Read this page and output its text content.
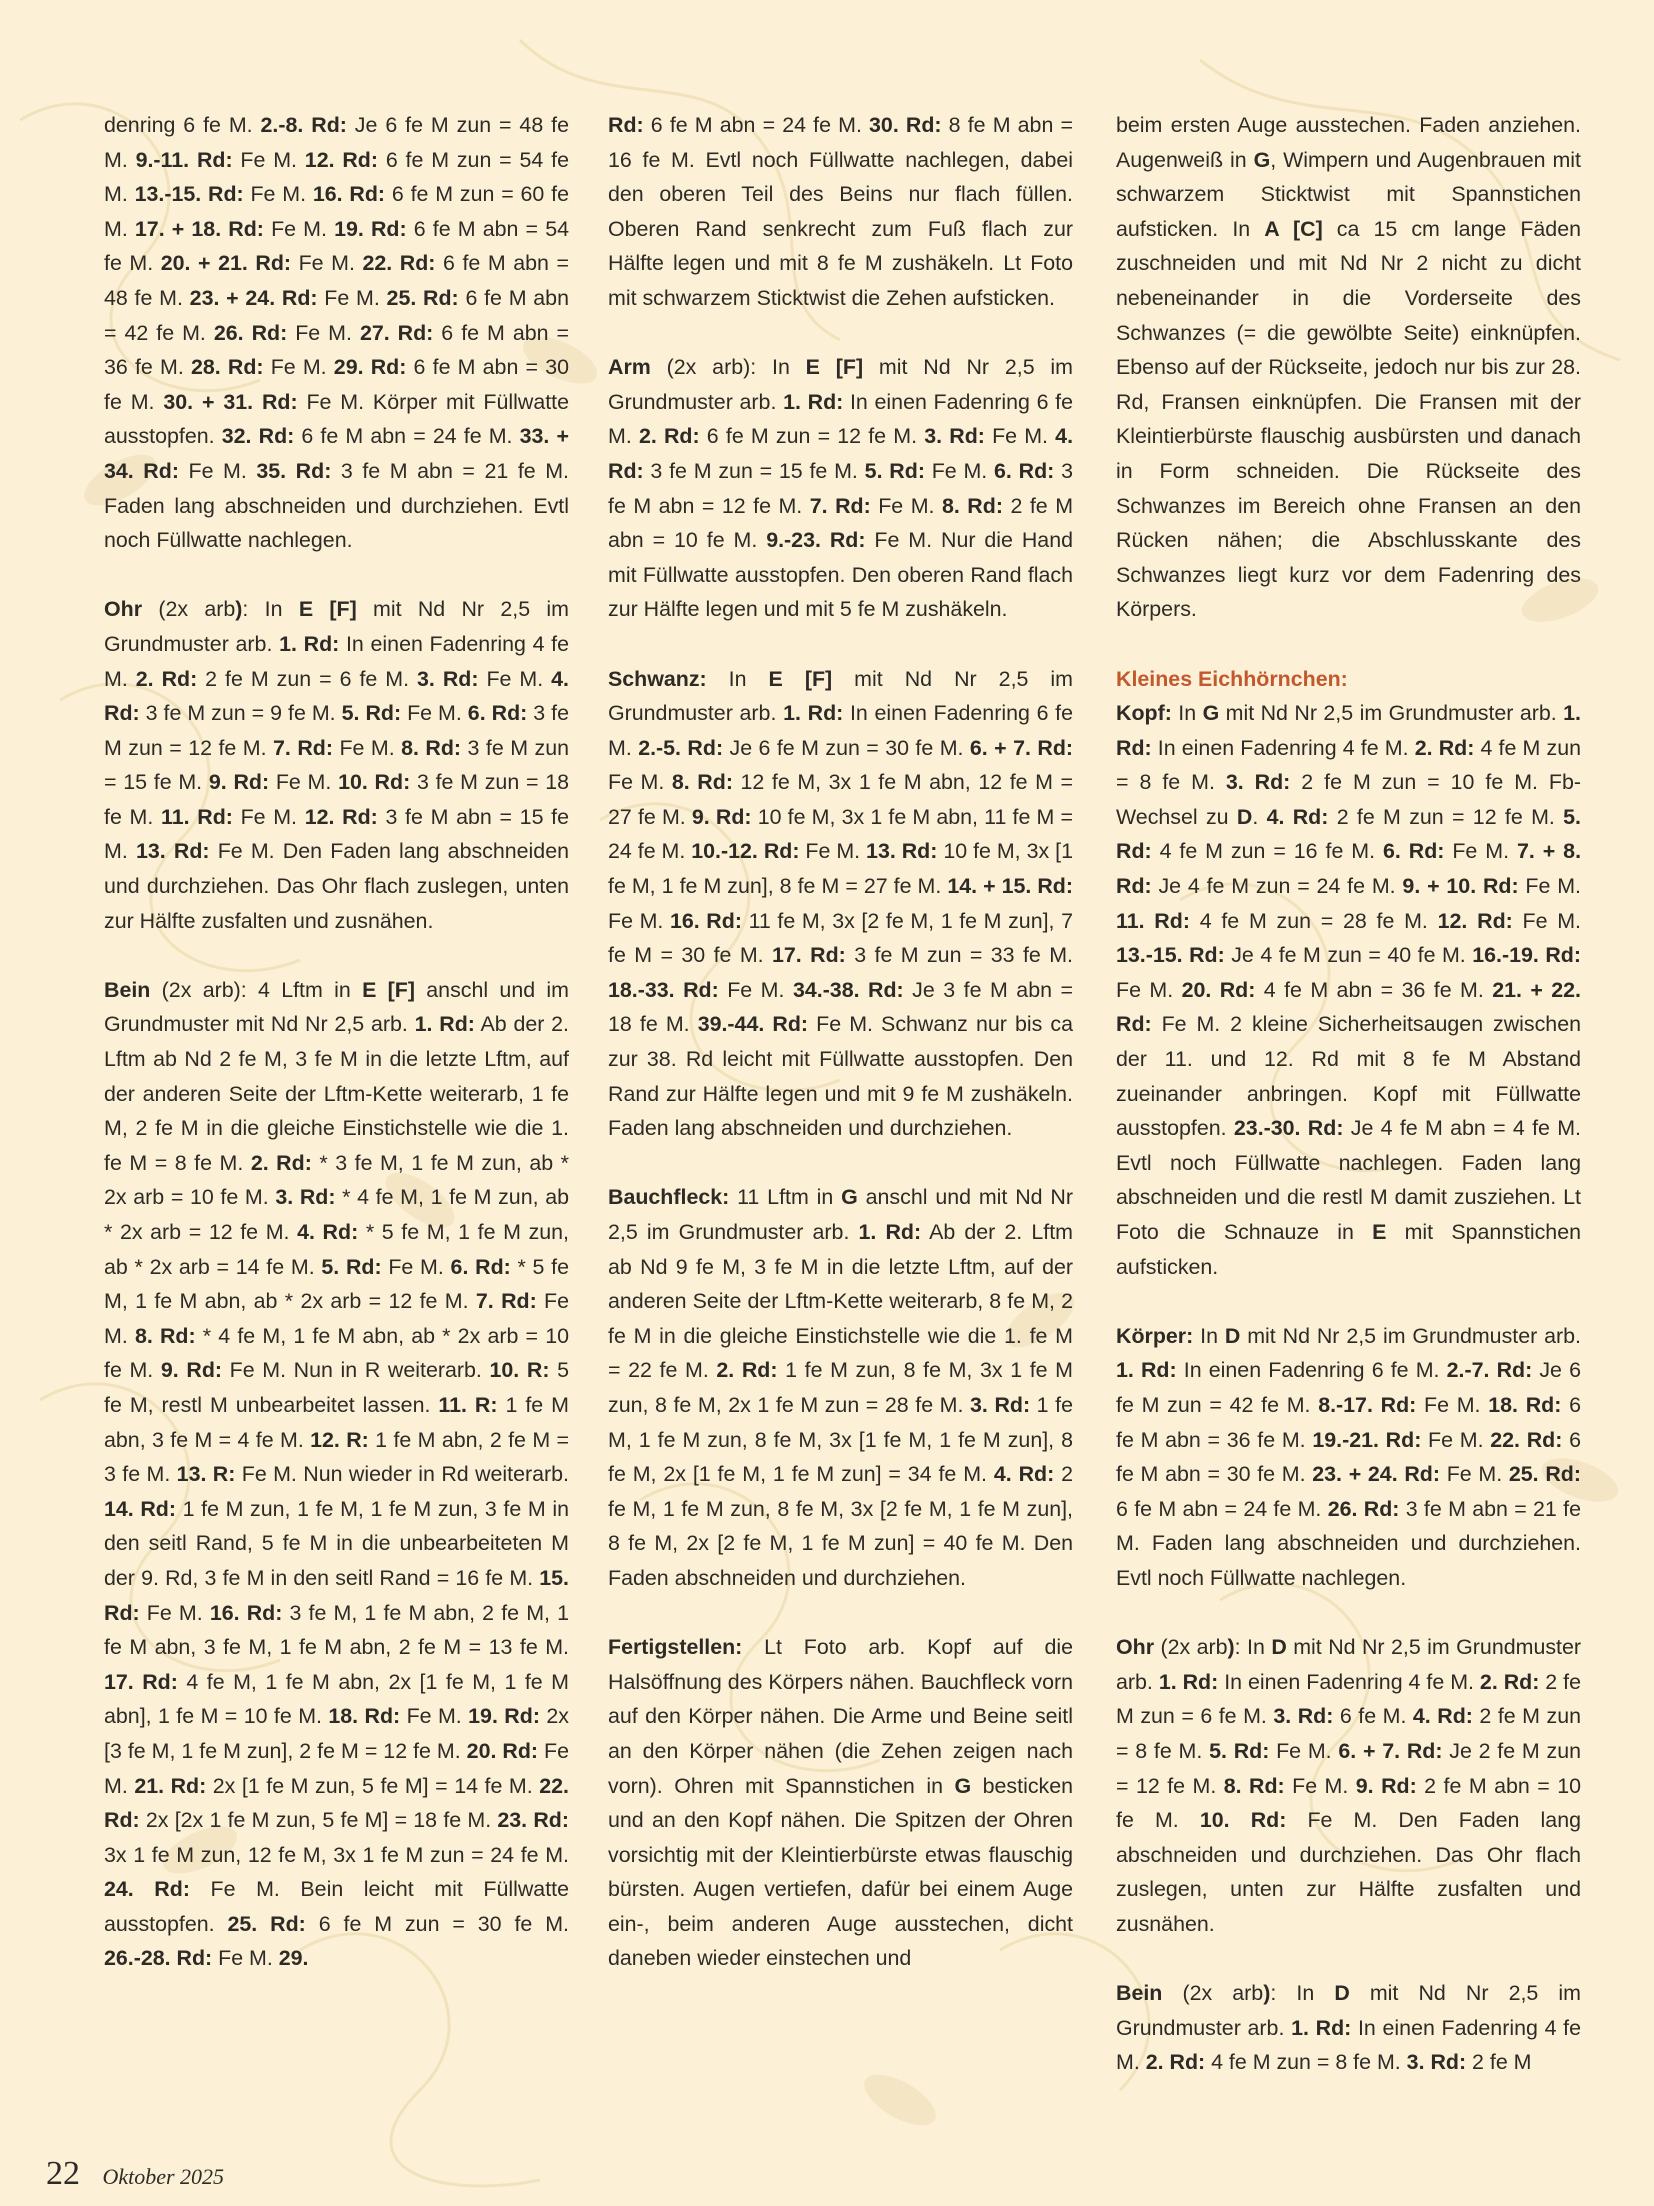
denring 6 fe M. 2.-8. Rd: Je 6 fe M zun = 48 fe M. 9.-11. Rd: Fe M. 12. Rd: 6 fe M zun = 54 fe M. 13.-15. Rd: Fe M. 16. Rd: 6 fe M zun = 60 fe M. 17. + 18. Rd: Fe M. 19. Rd: 6 fe M abn = 54 fe M. 20. + 21. Rd: Fe M. 22. Rd: 6 fe M abn = 48 fe M. 23. + 24. Rd: Fe M. 25. Rd: 6 fe M abn = 42 fe M. 26. Rd: Fe M. 27. Rd: 6 fe M abn = 36 fe M. 28. Rd: Fe M. 29. Rd: 6 fe M abn = 30 fe M. 30. + 31. Rd: Fe M. Körper mit Füllwatte ausstopfen. 32. Rd: 6 fe M abn = 24 fe M. 33. + 34. Rd: Fe M. 35. Rd: 3 fe M abn = 21 fe M. Faden lang abschneiden und durchziehen. Evtl noch Füllwatte nachlegen.

Ohr (2x arb): In E [F] mit Nd Nr 2,5 im Grundmuster arb. 1. Rd: In einen Fadenring 4 fe M. 2. Rd: 2 fe M zun = 6 fe M. 3. Rd: Fe M. 4. Rd: 3 fe M zun = 9 fe M. 5. Rd: Fe M. 6. Rd: 3 fe M zun = 12 fe M. 7. Rd: Fe M. 8. Rd: 3 fe M zun = 15 fe M. 9. Rd: Fe M. 10. Rd: 3 fe M zun = 18 fe M. 11. Rd: Fe M. 12. Rd: 3 fe M abn = 15 fe M. 13. Rd: Fe M. Den Faden lang abschneiden und durchziehen. Das Ohr flach zuslegen, unten zur Hälfte zusfalten und zusnähen.

Bein (2x arb): 4 Lftm in E [F] anschl und im Grundmuster mit Nd Nr 2,5 arb. 1. Rd: Ab der 2. Lftm ab Nd 2 fe M, 3 fe M in die letzte Lftm, auf der anderen Seite der Lftm-Kette weiterarb, 1 fe M, 2 fe M in die gleiche Einstichstelle wie die 1. fe M = 8 fe M. 2. Rd: * 3 fe M, 1 fe M zun, ab * 2x arb = 10 fe M. 3. Rd: * 4 fe M, 1 fe M zun, ab * 2x arb = 12 fe M. 4. Rd: * 5 fe M, 1 fe M zun, ab * 2x arb = 14 fe M. 5. Rd: Fe M. 6. Rd: * 5 fe M, 1 fe M abn, ab * 2x arb = 12 fe M. 7. Rd: Fe M. 8. Rd: * 4 fe M, 1 fe M abn, ab * 2x arb = 10 fe M. 9. Rd: Fe M. Nun in R weiterarb. 10. R: 5 fe M, restl M unbearbeitet lassen. 11. R: 1 fe M abn, 3 fe M = 4 fe M. 12. R: 1 fe M abn, 2 fe M = 3 fe M. 13. R: Fe M. Nun wieder in Rd weiterarb. 14. Rd: 1 fe M zun, 1 fe M, 1 fe M zun, 3 fe M in den seitl Rand, 5 fe M in die unbearbeiteten M der 9. Rd, 3 fe M in den seitl Rand = 16 fe M. 15. Rd: Fe M. 16. Rd: 3 fe M, 1 fe M abn, 2 fe M, 1 fe M abn, 3 fe M, 1 fe M abn, 2 fe M = 13 fe M. 17. Rd: 4 fe M, 1 fe M abn, 2x [1 fe M, 1 fe M abn], 1 fe M = 10 fe M. 18. Rd: Fe M. 19. Rd: 2x [3 fe M, 1 fe M zun], 2 fe M = 12 fe M. 20. Rd: Fe M. 21. Rd: 2x [1 fe M zun, 5 fe M] = 14 fe M. 22. Rd: 2x [2x 1 fe M zun, 5 fe M] = 18 fe M. 23. Rd: 3x 1 fe M zun, 12 fe M, 3x 1 fe M zun = 24 fe M. 24. Rd: Fe M. Bein leicht mit Füllwatte ausstopfen. 25. Rd: 6 fe M zun = 30 fe M. 26.-28. Rd: Fe M. 29.

Rd: 6 fe M abn = 24 fe M. 30. Rd: 8 fe M abn = 16 fe M. Evtl noch Füllwatte nachlegen, dabei den oberen Teil des Beins nur flach füllen. Oberen Rand senkrecht zum Fuß flach zur Hälfte legen und mit 8 fe M zushäkeln. Lt Foto mit schwarzem Sticktwist die Zehen aufsticken.

Arm (2x arb): In E [F] mit Nd Nr 2,5 im Grundmuster arb. 1. Rd: In einen Fadenring 6 fe M. 2. Rd: 6 fe M zun = 12 fe M. 3. Rd: Fe M. 4. Rd: 3 fe M zun = 15 fe M. 5. Rd: Fe M. 6. Rd: 3 fe M abn = 12 fe M. 7. Rd: Fe M. 8. Rd: 2 fe M abn = 10 fe M. 9.-23. Rd: Fe M. Nur die Hand mit Füllwatte ausstopfen. Den oberen Rand flach zur Hälfte legen und mit 5 fe M zushäkeln.

Schwanz: In E [F] mit Nd Nr 2,5 im Grundmuster arb. 1. Rd: In einen Fadenring 6 fe M. 2.-5. Rd: Je 6 fe M zun = 30 fe M. 6. + 7. Rd: Fe M. 8. Rd: 12 fe M, 3x 1 fe M abn, 12 fe M = 27 fe M. 9. Rd: 10 fe M, 3x 1 fe M abn, 11 fe M = 24 fe M. 10.-12. Rd: Fe M. 13. Rd: 10 fe M, 3x [1 fe M, 1 fe M zun], 8 fe M = 27 fe M. 14. + 15. Rd: Fe M. 16. Rd: 11 fe M, 3x [2 fe M, 1 fe M zun], 7 fe M = 30 fe M. 17. Rd: 3 fe M zun = 33 fe M. 18.-33. Rd: Fe M. 34.-38. Rd: Je 3 fe M abn = 18 fe M. 39.-44. Rd: Fe M. Schwanz nur bis ca zur 38. Rd leicht mit Füllwatte ausstopfen. Den Rand zur Hälfte legen und mit 9 fe M zushäkeln. Faden lang abschneiden und durchziehen.

Bauchfleck: 11 Lftm in G anschl und mit Nd Nr 2,5 im Grundmuster arb. 1. Rd: Ab der 2. Lftm ab Nd 9 fe M, 3 fe M in die letzte Lftm, auf der anderen Seite der Lftm-Kette weiterarb, 8 fe M, 2 fe M in die gleiche Einstichstelle wie die 1. fe M = 22 fe M. 2. Rd: 1 fe M zun, 8 fe M, 3x 1 fe M zun, 8 fe M, 2x 1 fe M zun = 28 fe M. 3. Rd: 1 fe M, 1 fe M zun, 8 fe M, 3x [1 fe M, 1 fe M zun], 8 fe M, 2x [1 fe M, 1 fe M zun] = 34 fe M. 4. Rd: 2 fe M, 1 fe M zun, 8 fe M, 3x [2 fe M, 1 fe M zun], 8 fe M, 2x [2 fe M, 1 fe M zun] = 40 fe M. Den Faden abschneiden und durchziehen.

Fertigstellen: Lt Foto arb. Kopf auf die Halsöffnung des Körpers nähen. Bauchfleck vorn auf den Körper nähen. Die Arme und Beine seitl an den Körper nähen (die Zehen zeigen nach vorn). Ohren mit Spannstichen in G besticken und an den Kopf nähen. Die Spitzen der Ohren vorsichtig mit der Kleintierbürste etwas flauschig bürsten. Augen vertiefen, dafür bei einem Auge ein-, beim anderen Auge ausstechen, dicht daneben wieder einstechen und

beim ersten Auge ausstechen. Faden anziehen. Augenweiß in G, Wimpern und Augenbrauen mit schwarzem Sticktwist mit Spannstichen aufsticken. In A [C] ca 15 cm lange Fäden zuschneiden und mit Nd Nr 2 nicht zu dicht nebeneinander in die Vorderseite des Schwanzes (= die gewölbte Seite) einknüpfen. Ebenso auf der Rückseite, jedoch nur bis zur 28. Rd, Fransen einknüpfen. Die Fransen mit der Kleintierbürste flauschig ausbürsten und danach in Form schneiden. Die Rückseite des Schwanzes im Bereich ohne Fransen an den Rücken nähen; die Abschlusskante des Schwanzes liegt kurz vor dem Fadenring des Körpers.

Kleines Eichhörnchen:
Kopf: In G mit Nd Nr 2,5 im Grundmuster arb. 1. Rd: In einen Fadenring 4 fe M. 2. Rd: 4 fe M zun = 8 fe M. 3. Rd: 2 fe M zun = 10 fe M. Fb-Wechsel zu D. 4. Rd: 2 fe M zun = 12 fe M. 5. Rd: 4 fe M zun = 16 fe M. 6. Rd: Fe M. 7. + 8. Rd: Je 4 fe M zun = 24 fe M. 9. + 10. Rd: Fe M. 11. Rd: 4 fe M zun = 28 fe M. 12. Rd: Fe M. 13.-15. Rd: Je 4 fe M zun = 40 fe M. 16.-19. Rd: Fe M. 20. Rd: 4 fe M abn = 36 fe M. 21. + 22. Rd: Fe M. 2 kleine Sicherheitsaugen zwischen der 11. und 12. Rd mit 8 fe M Abstand zueinander anbringen. Kopf mit Füllwatte ausstopfen. 23.-30. Rd: Je 4 fe M abn = 4 fe M. Evtl noch Füllwatte nachlegen. Faden lang abschneiden und die restl M damit zusziehen. Lt Foto die Schnauze in E mit Spannstichen aufsticken.

Körper: In D mit Nd Nr 2,5 im Grundmuster arb. 1. Rd: In einen Fadenring 6 fe M. 2.-7. Rd: Je 6 fe M zun = 42 fe M. 8.-17. Rd: Fe M. 18. Rd: 6 fe M abn = 36 fe M. 19.-21. Rd: Fe M. 22. Rd: 6 fe M abn = 30 fe M. 23. + 24. Rd: Fe M. 25. Rd: 6 fe M abn = 24 fe M. 26. Rd: 3 fe M abn = 21 fe M. Faden lang abschneiden und durchziehen. Evtl noch Füllwatte nachlegen.

Ohr (2x arb): In D mit Nd Nr 2,5 im Grundmuster arb. 1. Rd: In einen Fadenring 4 fe M. 2. Rd: 2 fe M zun = 6 fe M. 3. Rd: 6 fe M. 4. Rd: 2 fe M zun = 8 fe M. 5. Rd: Fe M. 6. + 7. Rd: Je 2 fe M zun = 12 fe M. 8. Rd: Fe M. 9. Rd: 2 fe M abn = 10 fe M. 10. Rd: Fe M. Den Faden lang abschneiden und durchziehen. Das Ohr flach zuslegen, unten zur Hälfte zusfalten und zusnähen.

Bein (2x arb): In D mit Nd Nr 2,5 im Grundmuster arb. 1. Rd: In einen Fadenring 4 fe M. 2. Rd: 4 fe M zun = 8 fe M. 3. Rd: 2 fe M

22 Oktober 2025
